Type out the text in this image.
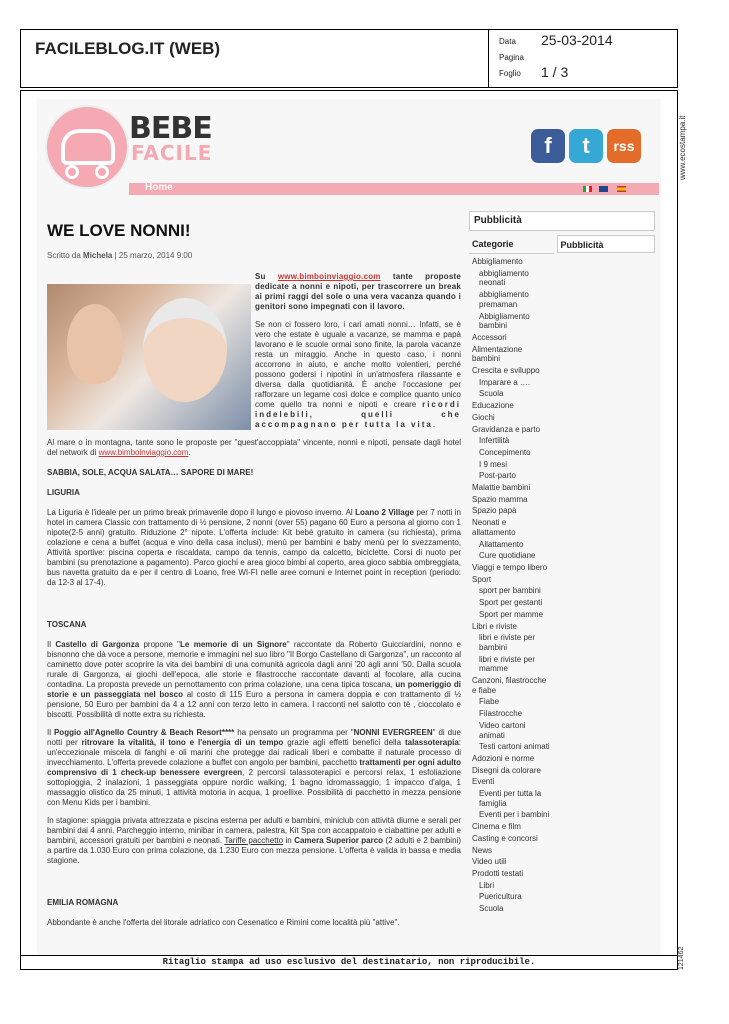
FACILEBLOG.IT (WEB)	Data 25-03-2014
Pagina
Foglio 1 / 3
www.ecostampa.it
121462
BEBE
FACILE	f	t	rss
Home
WE LOVE NONNI!
Scritto da Michela | 25 marzo, 2014 9:00

Su www.bimboinviaggio.com tante proposte dedicate a nonni e nipoti, per trascorrere un break ai primi raggi del sole o una vera vacanza quando i genitori sono impegnati con il lavoro.

Se non ci fossero loro, i cari amati nonni… Infatti, se è vero che estate è uguale a vacanze, se mamma e papà lavorano e le scuole ormai sono finite, la parola vacanze resta un miraggio. Anche in questo caso, i nonni accorrono in aiuto, e anche molto volentieri, perché possono godersi i nipotini in un'atmosfera rilassante e diversa dalla quotidianità. È anche l'occasione per rafforzare un legame così dolce e complice quanto unico come quello tra nonni e nipoti e creare ricordi indelebili, quelli che accompagnano per tutta la vita.

Al mare o in montagna, tante sono le proposte per "quest'accoppiata" vincente, nonni e nipoti, pensate dagli hotel del network di www.bimboinviaggio.com.

SABBIA, SOLE, ACQUA SALATA… SAPORE DI MARE!
LIGURIA

La Liguria è l'ideale per un primo break primaverile dopo il lungo e piovoso inverno. Al Loano 2 Village per 7 notti in hotel in camera Classic con trattamento di ½ pensione, 2 nonni (over 55) pagano 60 Euro a persona al giorno con 1 nipote(2-5 anni) gratuito. Riduzione 2° nipote. L'offerta include: Kit bebè gratuito in camera (su richiesta), prima colazione e cena a buffet (acqua e vino della casa inclusi), menù per bambini e baby menù per lo svezzamento, Attività sportive: piscina coperta e riscaldata, campo da tennis, campo da calcetto, biciclette. Corsi di nuoto per bambini (su prenotazione a pagamento). Parco giochi e area gioco bimbi al coperto, area gioco sabbia ombreggiata, bus navetta gratuito da e per il centro di Loano, free WI-FI nelle aree comuni e Internet point in reception (periodo: da 12-3 al 17-4).

TOSCANA

Il Castello di Gargonza propone "Le memorie di un Signore" raccontate da Roberto Guicciardini, nonno e bisnonno che dà voce a persone, memorie e immagini nel suo libro "Il Borgo Castellano di Gargonza", un racconto al caminetto dove poter scoprire la vita dei bambini di una comunità agricola dagli anni '20 agli anni '50. Dalla scuola rurale di Gargonza, ai giochi dell'epoca, alle storie e filastrocche raccontate davanti al focolare, alla cucina contadina. La proposta prevede un pernottamento con prima colazione, una cena tipica toscana, un pomeriggio di storie e un passeggiata nel bosco al costo di 115 Euro a persona in camera doppia e con trattamento di ½ pensione, 50 Euro per bambini da 4 a 12 anni con terzo letto in camera. I racconti nel salotto con tè , cioccolato e biscotti. Possibilità di notte extra su richiesta.

Il Poggio all'Agnello Country & Beach Resort**** ha pensato un programma per "NONNI EVERGREEN" di due notti per ritrovare la vitalità, il tono e l'energia di un tempo grazie agli effetti benefici della talassoterapia: un'eccezionale miscela di fanghi e oli marini che protegge dai radicali liberi e combatte il naturale processo di invecchiamento. L'offerta prevede colazione a buffet con angolo per bambini, pacchetto trattamenti per ogni adulto comprensivo di 1 check-up benessere evergreen, 2 percorsi talassoterapici e percorsi relax, 1 esfoliazione sottopioggia, 2 inalazioni, 1 passeggiata oppure nordic walking, 1 bagno idromassaggio, 1 impacco d'alga, 1 massaggio olistico da 25 minuti, 1 attività motoria in acqua, 1 proellixe. Possibilità di pacchetto in mezza pensione con Menu Kids per i bambini.

In stagione: spiaggia privata attrezzata e piscina esterna per adulti e bambini, miniclub con attività diurne e serali per bambini dai 4 anni. Parcheggio interno, minibar in camera, palestra, Kit Spa con accappatoio e ciabattine per adulti e bambini, accessori gratuiti per bambini e neonati. Tariffe pacchetto in Camera Superior parco (2 adulti e 2 bambini) a partire da 1.030 Euro con prima colazione, da 1.230 Euro con mezza pensione. L'offerta è valida in bassa e media stagione.

EMILIA ROMAGNA

Abbondante è anche l'offerta del litorale adriatico con Cesenatico e Rimini come località più "attive".

Pubblicità
Categorie
Abbigliamento
abbigliamento neonati
abbigliamento premaman
Abbigliamento bambini
Accessori
Alimentazione bambini
Crescita e sviluppo
Imparare a ….
Scuola
Educazione
Giochi
Gravidanza e parto
Infertilità
Concepimento
I 9 mesi
Post-parto
Malattie bambini
Spazio mamma
Spazio papà
Neonati e allattamento
Allattamento
Cure quotidiane
Viaggi e tempo libero
Sport
sport per bambini
Sport per gestanti
Sport per mamme
Libri e riviste
libri e riviste per bambini
libri e riviste per mamme
Canzoni, filastrocche e fiabe
Fiabe
Filastrocche
Video cartoni animati
Testi cartoni animati
Adozioni e norme
Disegni da colorare
Eventi
Eventi per tutta la famiglia
Eventi per i bambini
Cinema e film
Casting e concorsi
News
Video utili
Prodotti testati
Libri
Puericultura
Scuola
Pubblicità
Ritaglio stampa ad uso esclusivo del destinatario, non riproducibile.
